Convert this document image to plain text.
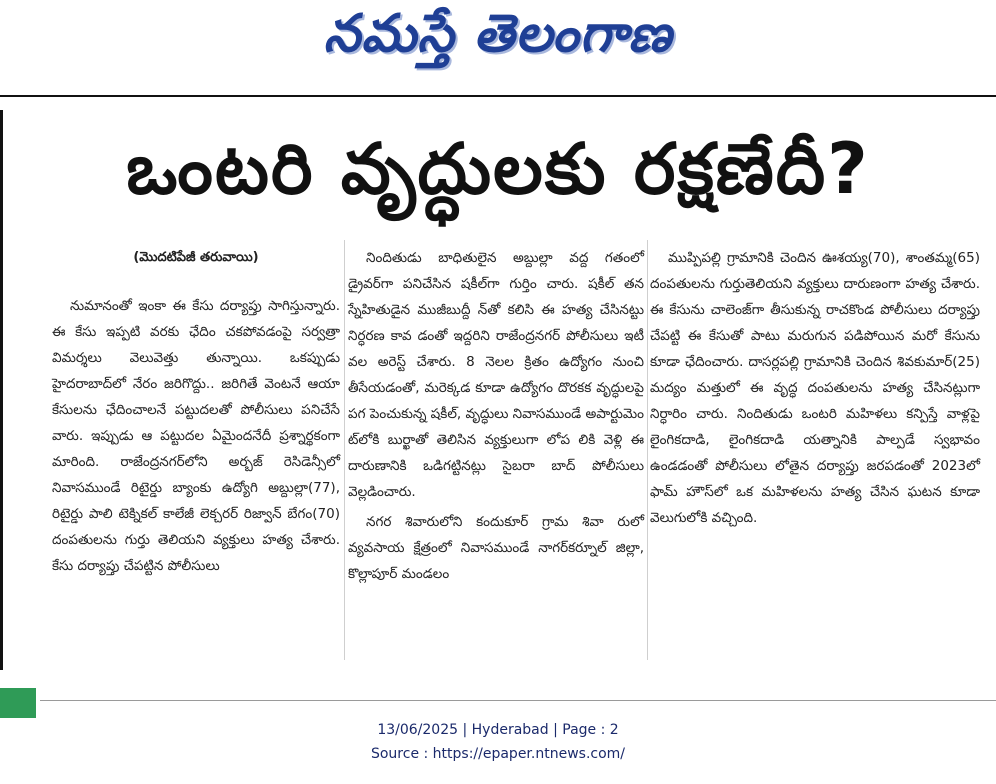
నమస్తే తెలంగాణ
ఒంటరి వృద్ధులకు రక్షణేదీ?
(మొదటిపేజీ తరువాయి)

నుమానంతో ఇంకా ఈ కేసు దర్యాప్తు సాగిస్తున్నారు. ఈ కేసు ఇప్పటి వరకు ఛేదిం చకపోవడంపై సర్వత్రా విమర్శలు వెలువెత్తు తున్నాయి. ఒకప్పుడు హైదరాబాద్‌లో నేరం జరిగొద్దు.. జరిగితే వెంటనే ఆయా కేసులను ఛేదించాలనే పట్టుదలతో పోలీసులు పనిచేసే వారు. ఇప్పుడు ఆ పట్టుదల ఏమైందనేదీ ప్రశ్నార్థకంగా మారింది. రాజేంద్రనగర్‌లోని అర్బజ్ రెసిడెన్సీలో నివాసముండే రిటైర్డు బ్యాంకు ఉద్యోగి అబ్దుల్లా(77), రిటైర్డు పాలి టెక్నికల్ కాలేజీ లెక్చరర్ రిజ్వాన్ బేగం(70) దంపతులను గుర్తు తెలియని వ్యక్తులు హత్య చేశారు. కేసు దర్యాప్తు చేపట్టిన పోలీసులు

నిందితుడు బాధితులైన అబ్దుల్లా వద్ద గతంలో డ్రైవర్‌గా పనిచేసిన షకీల్‌గా గుర్తిం చారు. షకీల్ తన స్నేహితుడైన ముజీబుద్దీ న్‌తో కలిసి ఈ హత్య చేసినట్టు నిర్ధరణ కావ డంతో ఇద్దరిని రాజేంద్రనగర్ పోలీసులు ఇటీ వల అరెస్ట్ చేశారు. 8 నెలల క్రితం ఉద్యోగం నుంచి తీసేయడంతో, మరెక్కడ కూడా ఉద్యోగం దొరకక వృద్ధులపై పగ పెంచుకున్న షకీల్, వృద్ధులు నివాసముండే అపార్టుమెం ట్‌లోకి బుర్ఖాతో తెలిసిన వ్యక్తులుగా లోప లికి వెళ్లి ఈ దారుణానికి ఒడిగట్టినట్లు సైబరా బాద్ పోలీసులు వెల్లడించారు.

నగర శివారులోని కందుకూర్ గ్రామ శివా రులో వ్యవసాయ క్షేత్రంలో నివాసముండే నాగర్‌కర్నూల్ జిల్లా, కొల్లాపూర్ మండలం

ముప్పిపల్లి గ్రామానికి చెందిన ఊశయ్య(70), శాంతమ్మ(65) దంపతులను గుర్తుతెలియని వ్యక్తులు దారుణంగా హత్య చేశారు. ఈ కేసును చాలెంజ్‌గా తీసుకున్న రాచకొండ పోలీసులు దర్యాప్తు చేపట్టి ఈ కేసుతో పాటు మరుగున పడిపోయిన మరో కేసును కూడా ఛేదించారు. దాసర్లపల్లి గ్రామానికి చెందిన శివకుమార్(25) మద్యం మత్తులో ఈ వృద్ధ దంపతులను హత్య చేసినట్లుగా నిర్ధారిం చారు. నిందితుడు ఒంటరి మహిళలు కన్పిస్తే వాళ్లపై లైంగికదాడి, లైంగికదాడి యత్నానికి పాల్పడే స్వభావం ఉండడంతో పోలీసులు లోతైన దర్యాప్తు జరపడంతో 2023లో ఫామ్ హౌస్‌లో ఒక మహిళలను హత్య చేసిన ఘటన కూడా వెలుగులోకి వచ్చింది.

13/06/2025 | Hyderabad | Page : 2
Source : https://epaper.ntnews.com/
